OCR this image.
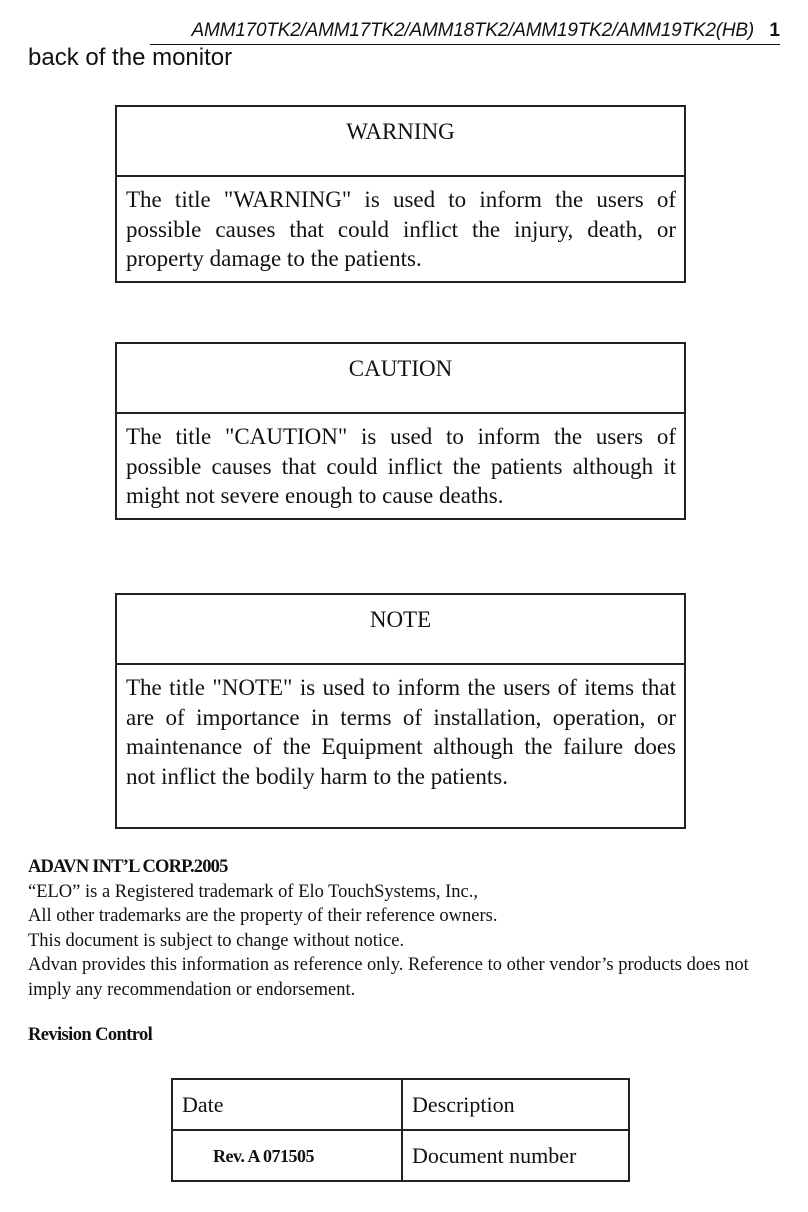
AMM170TK2/AMM17TK2/AMM18TK2/AMM19TK2/AMM19TK2(HB) 1
back of the monitor
WARNING
The title "WARNING" is used to inform the users of possible causes that could inflict the injury, death, or property damage to the patients.
CAUTION
The title "CAUTION" is used to inform the users of possible causes that could inflict the patients although it might not severe enough to cause deaths.
NOTE
The title "NOTE" is used to inform the users of items that are of importance in terms of installation, operation, or maintenance of the Equipment although the failure does not inflict the bodily harm to the patients.
ADAVN INT’L CORP.2005
“ELO” is a Registered trademark of Elo TouchSystems, Inc.,
All other trademarks are the property of their reference owners.
This document is subject to change without notice.
Advan provides this information as reference only. Reference to other vendor’s products does not imply any recommendation or endorsement.
Revision Control
Date	Description
Rev. A 071505	Document number
